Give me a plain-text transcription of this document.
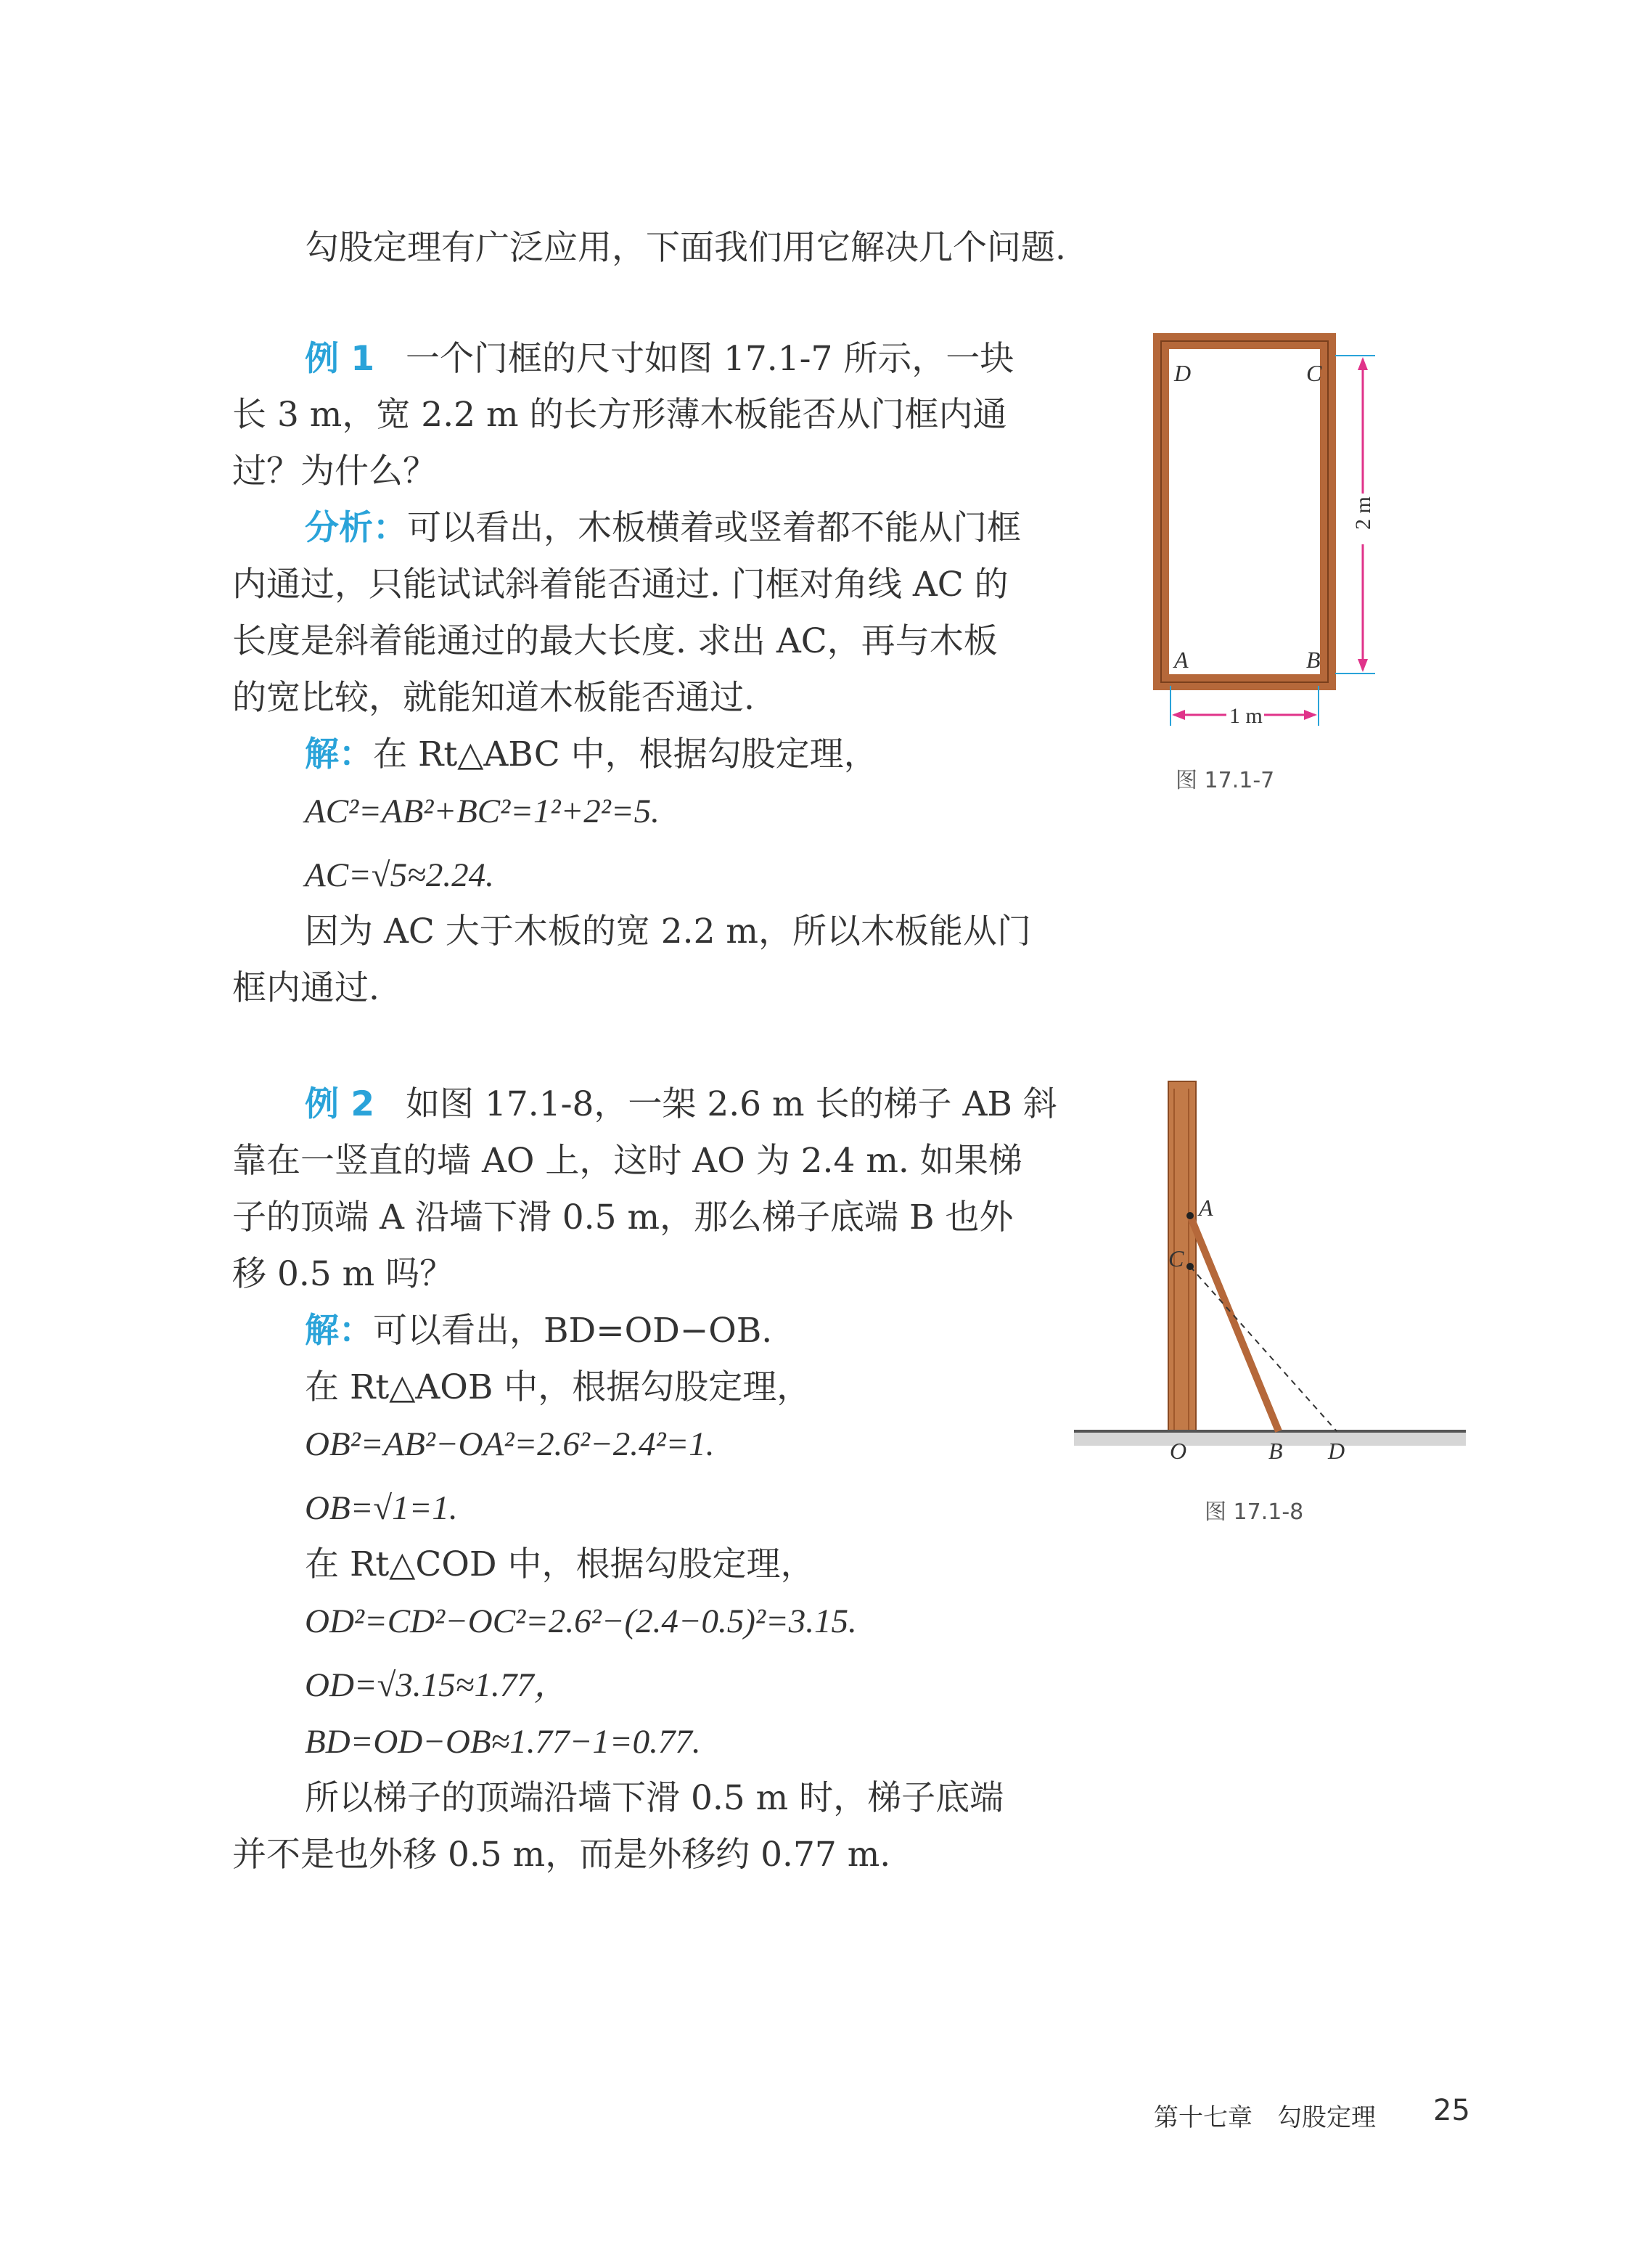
勾股定理有广泛应用，下面我们用它解决几个问题.
例 1 一个门框的尺寸如图 17.1-7 所示，一块
长 3 m，宽 2.2 m 的长方形薄木板能否从门框内通
过？为什么？
分析：可以看出，木板横着或竖着都不能从门框
内通过，只能试试斜着能否通过. 门框对角线 AC 的
长度是斜着能通过的最大长度. 求出 AC，再与木板
的宽比较，就能知道木板能否通过.
解：在 Rt△ABC 中，根据勾股定理，
AC²=AB²+BC²=1²+2²=5.
AC=√5≈2.24.
因为 AC 大于木板的宽 2.2 m，所以木板能从门
框内通过.
2 m
1 m
D	C
A	B
图 17.1-7
例 2 如图 17.1-8，一架 2.6 m 长的梯子 AB 斜
靠在一竖直的墙 AO 上，这时 AO 为 2.4 m. 如果梯
子的顶端 A 沿墙下滑 0.5 m，那么梯子底端 B 也外
移 0.5 m 吗？
解：可以看出，BD=OD−OB.
在 Rt△AOB 中，根据勾股定理，
OB²=AB²−OA²=2.6²−2.4²=1.
OB=√1=1.
在 Rt△COD 中，根据勾股定理，
OD²=CD²−OC²=2.6²−(2.4−0.5)²=3.15.
OD=√3.15≈1.77，
BD=OD−OB≈1.77−1=0.77.
所以梯子的顶端沿墙下滑 0.5 m 时，梯子底端
并不是也外移 0.5 m，而是外移约 0.77 m.
A
C
O	B D
图 17.1-8
第十七章　勾股定理 25
